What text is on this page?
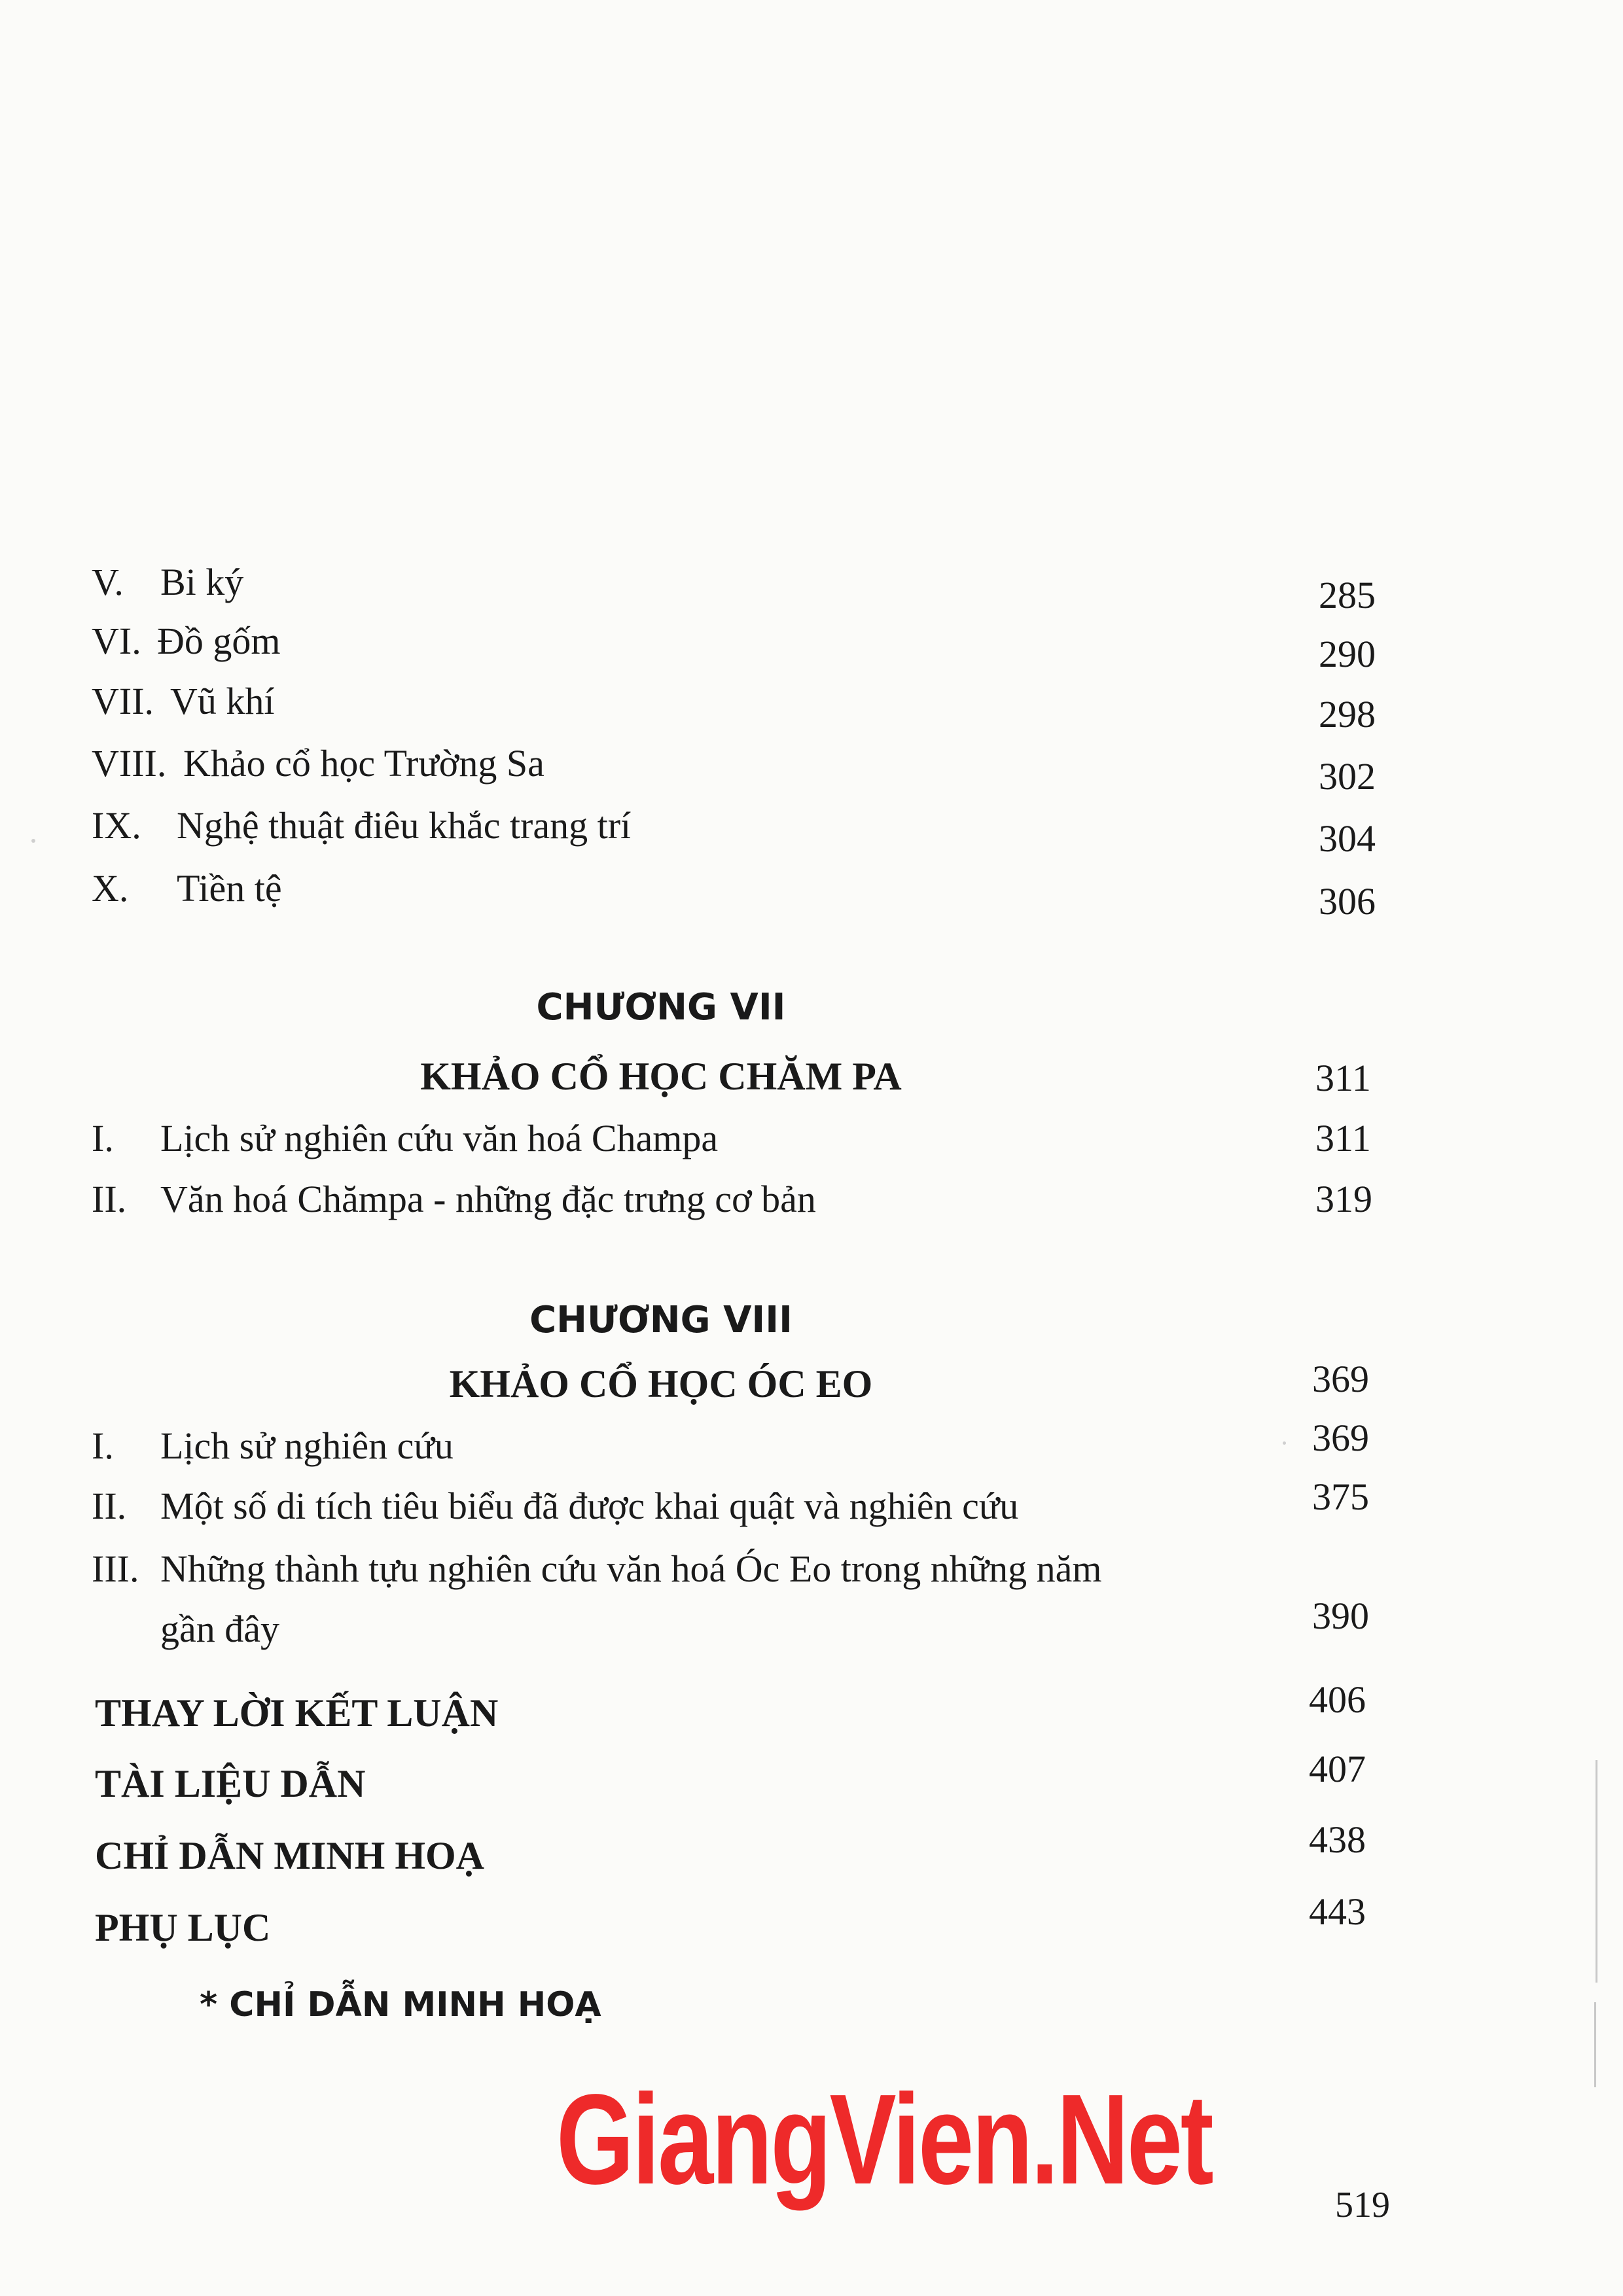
V. Bi ký	285
VI. Đồ gốm	290
VII. Vũ khí	298
VIII. Khảo cổ học Trường Sa	302
IX. Nghệ thuật điêu khắc trang trí	304
X. Tiền tệ	306
CHƯƠNG VII
KHẢO CỔ HỌC CHĂM PA	311
I. Lịch sử nghiên cứu văn hoá Champa	311
II. Văn hoá Chămpa - những đặc trưng cơ bản	319
CHƯƠNG VIII
KHẢO CỔ HỌC ÓC EO	369
I. Lịch sử nghiên cứu	369
II. Một số di tích tiêu biểu đã được khai quật và nghiên cứu	375
III. Những thành tựu nghiên cứu văn hoá Óc Eo trong những năm
gần đây	390
THAY LỜI KẾT LUẬN	406
TÀI LIỆU DẪN	407
CHỈ DẪN MINH HOẠ	438
PHỤ LỤC	443
* CHỈ DẪN MINH HOẠ
GiangVien.Net	519
